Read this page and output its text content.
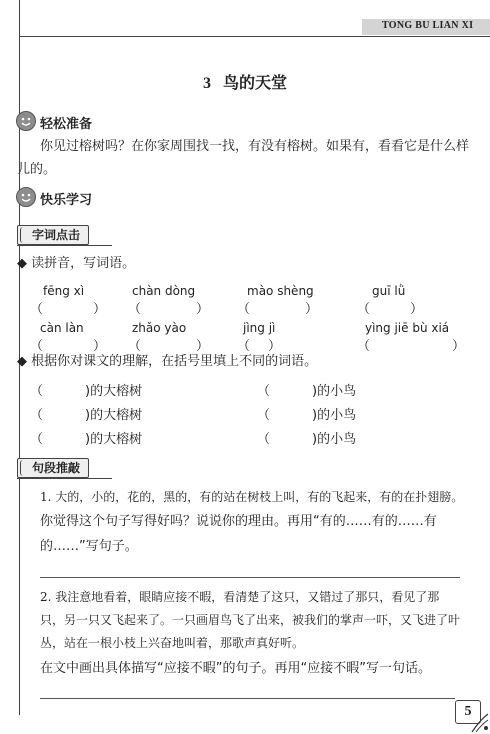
TONG BU LIAN XI
3 鸟的天堂
轻松准备
你见过榕树吗？在你家周围找一找，有没有榕树。如果有，看看它是什么样
儿的。
快乐学习
字词点击
◆ 读拼音，写词语。
fēng xì	chàn dòng	mào shèng	guī lǜ
（	） （	） （	）	（	）
càn làn	zhǎo yào	jìng jì	yìng jiē bù xiá
（	） （	） （ ）	（	）
◆ 根据你对课文的理解，在括号里填上不同的词语。
（	)的大榕树	（	)的小鸟
（	)的大榕树	（	)的小鸟
（	)的大榕树	（	)的小鸟
句段推敲
1. 大的，小的，花的，黑的，有的站在树枝上叫，有的飞起来，有的在扑翅膀。
你觉得这个句子写得好吗？说说你的理由。再用“有的……有的……有
的……”写句子。
2. 我注意地看着，眼睛应接不暇，看清楚了这只，又错过了那只，看见了那
只，另一只又飞起来了。一只画眉鸟飞了出来，被我们的掌声一吓，又飞进了叶
丛，站在一根小枝上兴奋地叫着，那歌声真好听。
在文中画出具体描写“应接不暇”的句子。再用“应接不暇”写一句话。
5
